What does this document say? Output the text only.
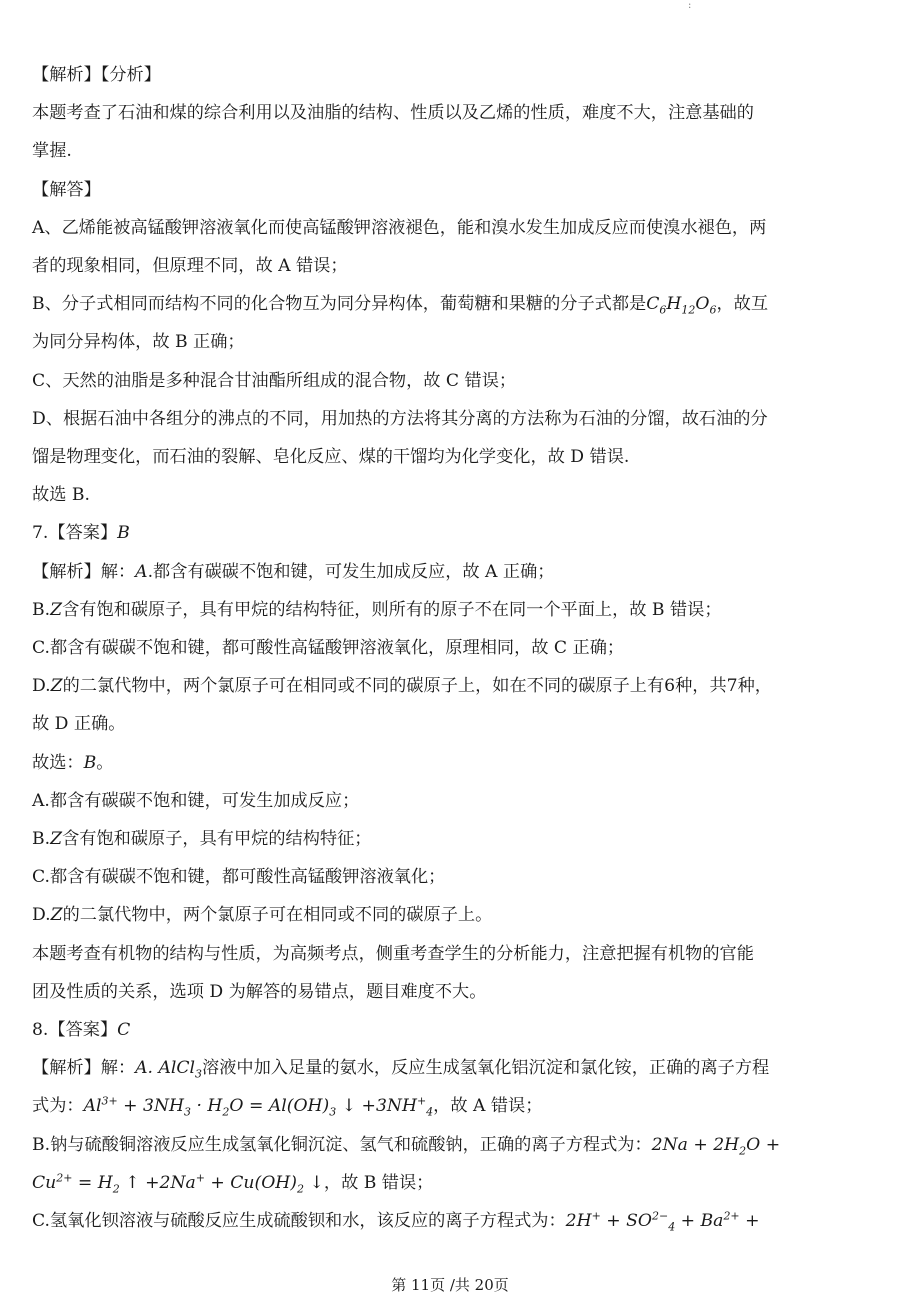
:
【解析】【分析】
本题考查了石油和煤的综合利用以及油脂的结构、性质以及乙烯的性质，难度不大，注意基础的
掌握.
【解答】
A、乙烯能被高锰酸钾溶液氧化而使高锰酸钾溶液褪色，能和溴水发生加成反应而使溴水褪色，两
者的现象相同，但原理不同，故 A 错误；
B、分子式相同而结构不同的化合物互为同分异构体，葡萄糖和果糖的分子式都是$C_6H_{12}O_6$，故互
为同分异构体，故 B 正确；
C、天然的油脂是多种混合甘油酯所组成的混合物，故 C 错误；
D、根据石油中各组分的沸点的不同，用加热的方法将其分离的方法称为石油的分馏，故石油的分
馏是物理变化，而石油的裂解、皂化反应、煤的干馏均为化学变化，故 D 错误.
故选 B.
7.【答案】B
【解析】解：A.都含有碳碳不饱和键，可发生加成反应，故 A 正确；
B.Z含有饱和碳原子，具有甲烷的结构特征，则所有的原子不在同一个平面上，故 B 错误；
C.都含有碳碳不饱和键，都可酸性高锰酸钾溶液氧化，原理相同，故 C 正确；
D.Z的二氯代物中，两个氯原子可在相同或不同的碳原子上，如在不同的碳原子上有6种，共7种，
故 D 正确。
故选：B。
A.都含有碳碳不饱和键，可发生加成反应；
B.Z含有饱和碳原子，具有甲烷的结构特征；
C.都含有碳碳不饱和键，都可酸性高锰酸钾溶液氧化；
D.Z的二氯代物中，两个氯原子可在相同或不同的碳原子上。
本题考查有机物的结构与性质，为高频考点，侧重考查学生的分析能力，注意把握有机物的官能
团及性质的关系，选项 D 为解答的易错点，题目难度不大。
8.【答案】C
【解析】解：A. AlCl$_3$溶液中加入足量的氨水，反应生成氢氧化铝沉淀和氯化铵，正确的离子方程
式为：$Al^{3+} + 3NH_3 \cdot H_2O = Al(OH)_3$ ↓ $+3NH^+_4$，故 A 错误；
B.钠与硫酸铜溶液反应生成氢氧化铜沉淀、氢气和硫酸钠，正确的离子方程式为：$2Na + 2H_2O$ +
$Cu^{2+} = H_2$ ↑ $+2Na^+ + Cu(OH)_2$ ↓，故 B 错误；
C.氢氧化钡溶液与硫酸反应生成硫酸钡和水，该反应的离子方程式为：$2H^+ + SO^{2-}_4 + Ba^{2+}$ +
第 11页 /共 20页
